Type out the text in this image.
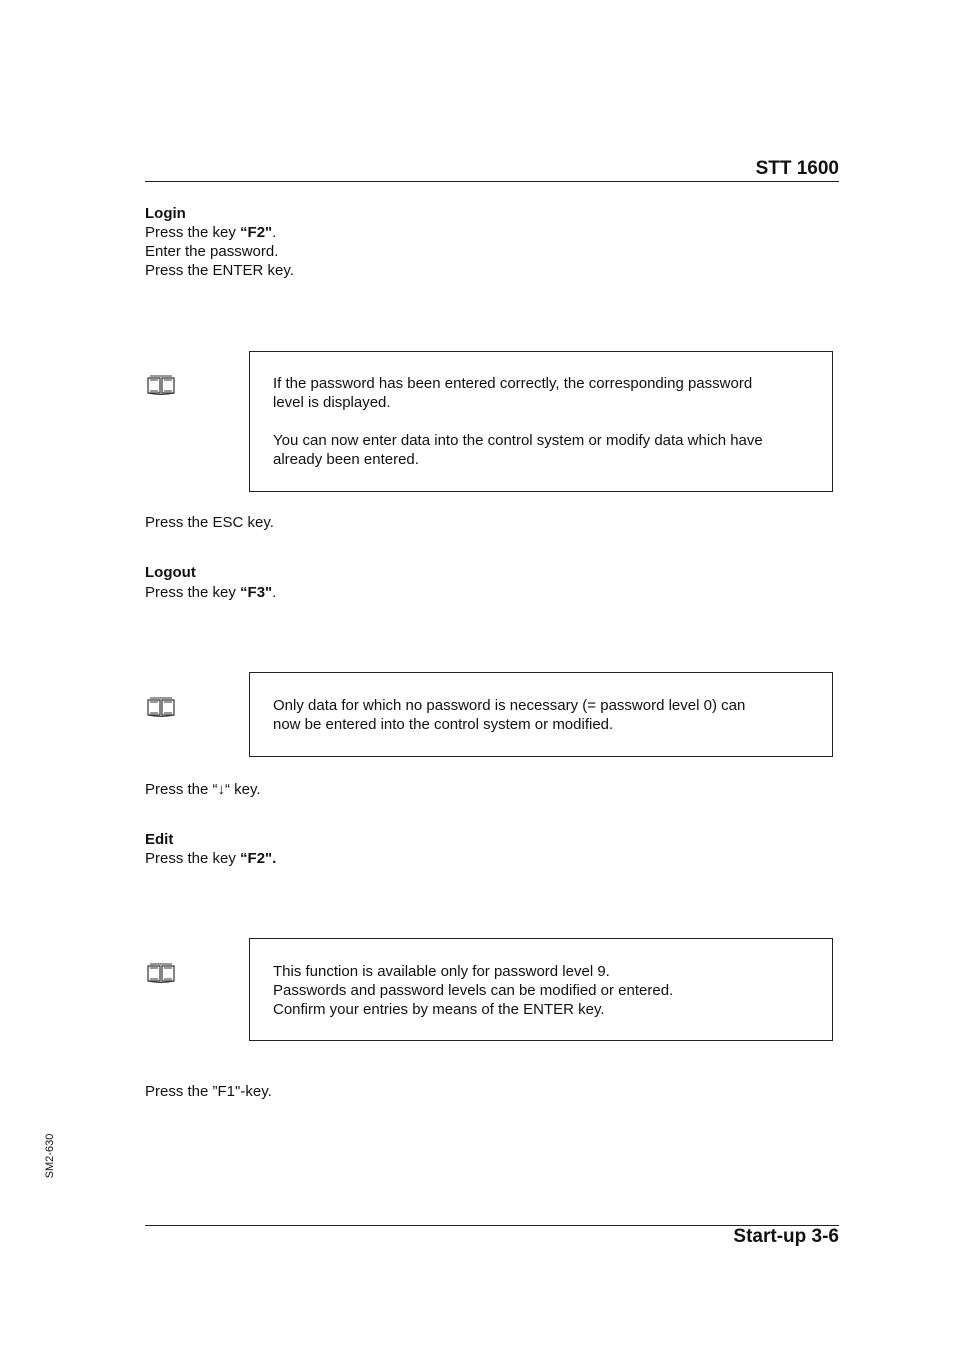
STT 1600
Login
Press the key “F2".
Enter the password.
Press the ENTER key.

If the password has been entered correctly, the corresponding password

level is displayed.

You can now enter data into the control system or modify data which have

already been entered.

Press the ESC key.
Logout
Press the key “F3".

Only data for which no password is necessary (= password level 0) can

now be entered into the control system or modified.

Press the “↓“ key.
Edit
Press the key “F2".

This function is available only for password level 9.

Passwords and password levels can be modified or entered.

Confirm your entries by means of the ENTER key.

Press the ”F1"-key.
SM2-630
Start-up 3-6
